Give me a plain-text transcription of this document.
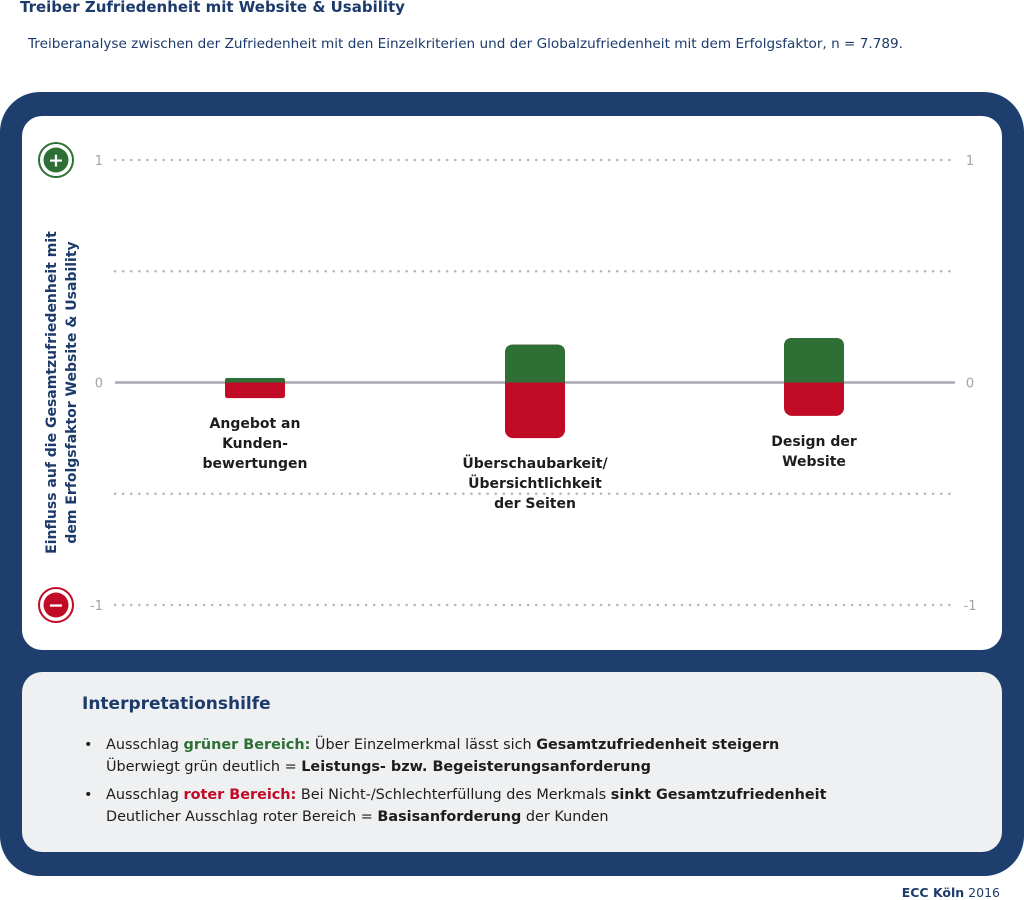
Treiber Zufriedenheit mit Website & Usability

Treiberanalyse zwischen der Zufriedenheit mit den Einzelkriterien und der Globalzufriedenheit mit dem Erfolgsfaktor, n = 7.789.

1	1
0	0
-1	-1
Angebot an
Kunden-
bewertungen	Überschaubarkeit/
Übersichtlichkeit
der Seiten
Design der
Website
+
−
Einfluss auf die Gesamtzufriedenheit mit dem Erfolgsfaktor Website & Usability
Interpretationshilfe
• Ausschlag grüner Bereich: Über Einzelmerkmal lässt sich Gesamtzufriedenheit steigern
Überwiegt grün deutlich = Leistungs- bzw. Begeisterungsanforderung
• Ausschlag roter Bereich: Bei Nicht-/Schlechterfüllung des Merkmals sinkt Gesamtzufriedenheit
Deutlicher Ausschlag roter Bereich = Basisanforderung der Kunden
ECC Köln 2016
